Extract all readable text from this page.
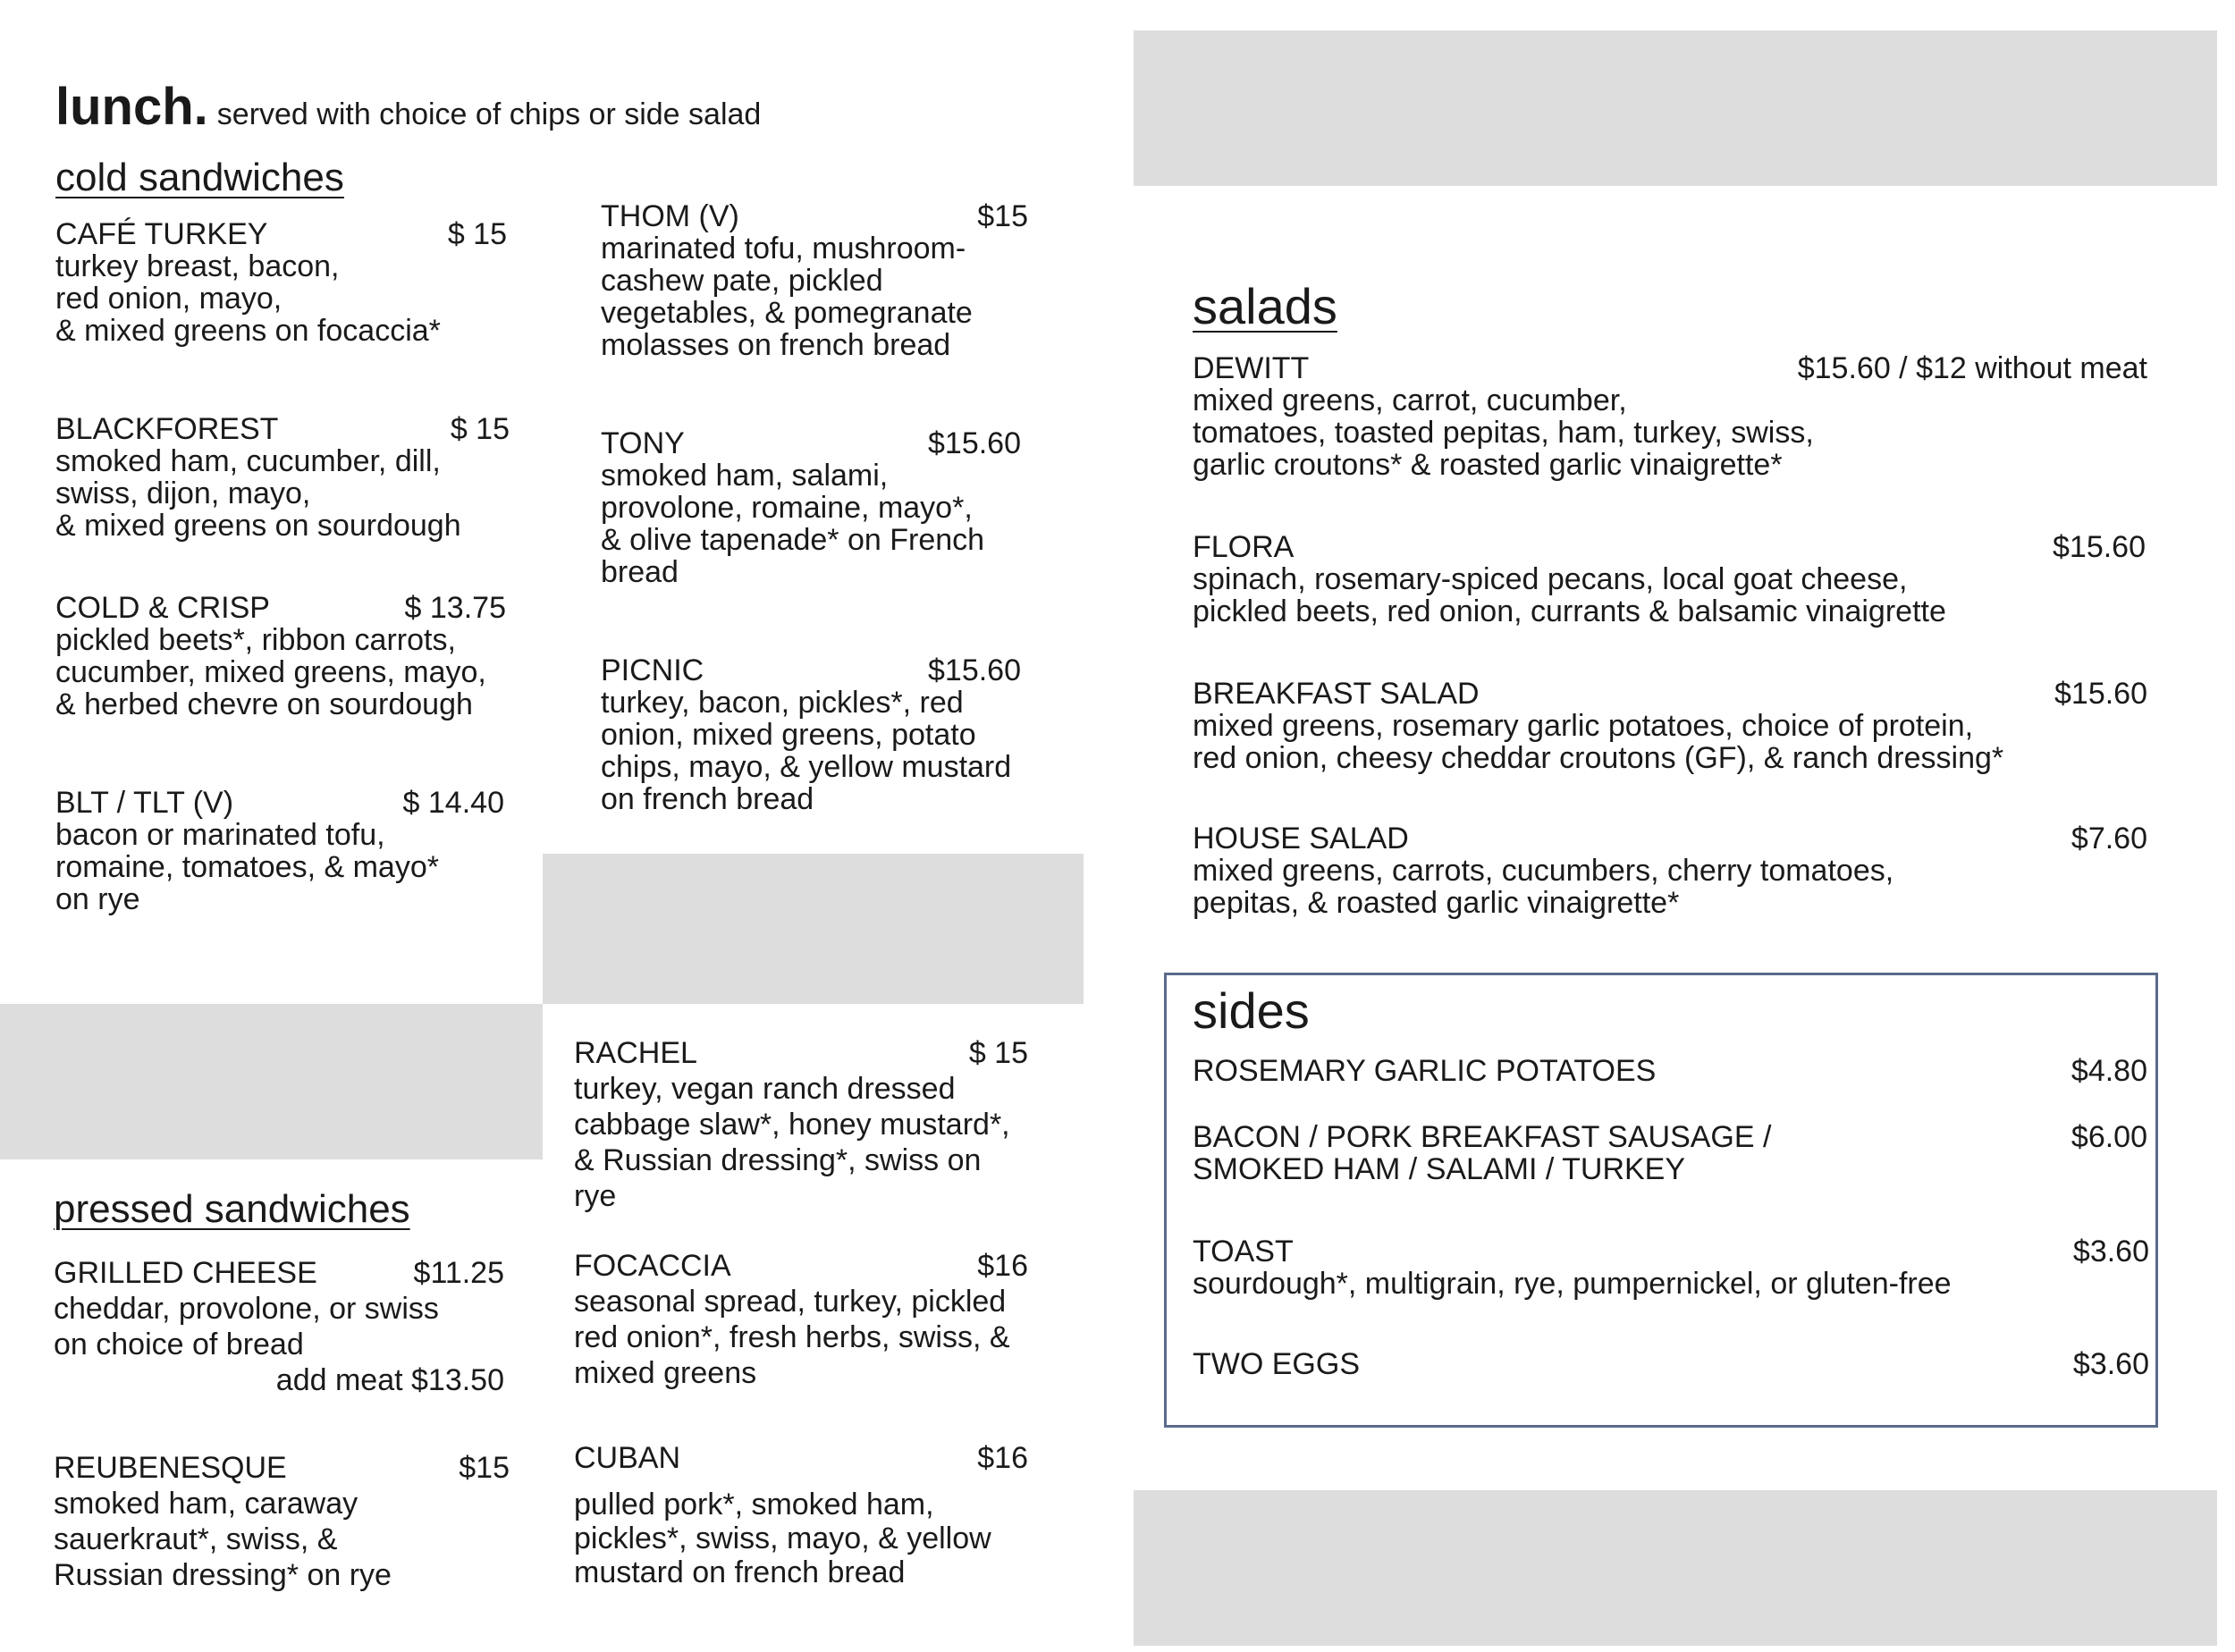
lunch. served with choice of chips or side salad
cold sandwiches
CAFÉ TURKEY	$ 15
turkey breast, bacon,
red onion, mayo,
& mixed greens on focaccia*
BLACKFOREST	$ 15
smoked ham, cucumber, dill,
swiss, dijon, mayo,
& mixed greens on sourdough
COLD & CRISP	$ 13.75
pickled beets*, ribbon carrots,
cucumber, mixed greens, mayo,
& herbed chevre on sourdough
BLT / TLT (V)	$ 14.40
bacon or marinated tofu,
romaine, tomatoes, & mayo*
on rye
THOM (V)	$15
marinated tofu, mushroom-
cashew pate, pickled
vegetables, & pomegranate
molasses on french bread
TONY	$15.60
smoked ham, salami,
provolone, romaine, mayo*,
& olive tapenade* on French
bread
PICNIC	$15.60
turkey, bacon, pickles*, red
onion, mixed greens, potato
chips, mayo, & yellow mustard
on french bread
pressed sandwiches
GRILLED CHEESE	$11.25
cheddar, provolone, or swiss
on choice of bread
add meat $13.50
REUBENESQUE	$15
smoked ham, caraway
sauerkraut*, swiss, &
Russian dressing* on rye
RACHEL	$ 15
turkey, vegan ranch dressed
cabbage slaw*, honey mustard*,
& Russian dressing*, swiss on rye
FOCACCIA	$16
seasonal spread, turkey, pickled
red onion*, fresh herbs, swiss, &
mixed greens
CUBAN	$16
pulled pork*, smoked ham,
pickles*, swiss, mayo, & yellow
mustard on french bread
salads
DEWITT	$15.60 / $12 without meat
mixed greens, carrot, cucumber,
tomatoes, toasted pepitas, ham, turkey, swiss,
garlic croutons* & roasted garlic vinaigrette*
FLORA	$15.60
spinach, rosemary-spiced pecans, local goat cheese,
pickled beets, red onion, currants & balsamic vinaigrette
BREAKFAST SALAD	$15.60
mixed greens, rosemary garlic potatoes, choice of protein,
red onion, cheesy cheddar croutons (GF), & ranch dressing*
HOUSE SALAD	$7.60
mixed greens, carrots, cucumbers, cherry tomatoes,
pepitas, & roasted garlic vinaigrette*
sides
ROSEMARY GARLIC POTATOES	$4.80
BACON / PORK BREAKFAST SAUSAGE /	$6.00
SMOKED HAM / SALAMI / TURKEY
TOAST	$3.60
sourdough*, multigrain, rye, pumpernickel, or gluten-free
TWO EGGS	$3.60
